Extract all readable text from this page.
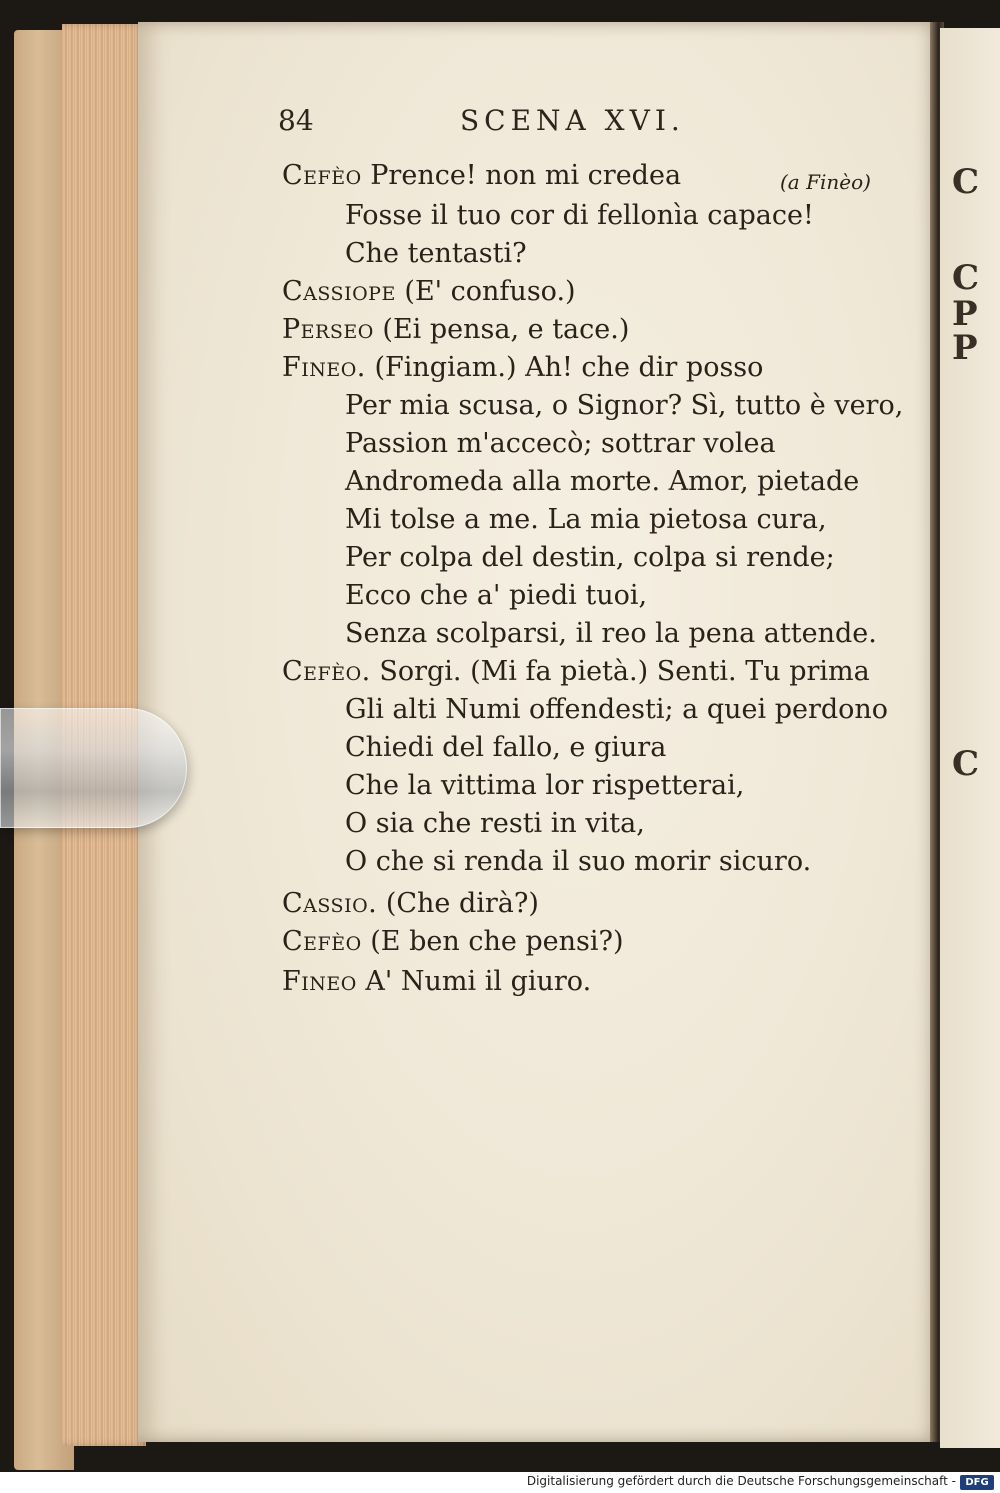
C
C
P
P
C
84	SCENA XVI.
(a Finèo)
Cefèo Prence! non mi credea
Fosse il tuo cor di fellonìa capace!
Che tentasti?
Cassiope (E' confuso.)
Perseo (Ei pensa, e tace.)
Fineo. (Fingiam.) Ah! che dir posso
Per mia scusa, o Signor? Sì, tutto è vero,
Passion m'accecò; sottrar volea
Andromeda alla morte. Amor, pietade
Mi tolse a me. La mia pietosa cura,
Per colpa del destin, colpa si rende;
Ecco che a' piedi tuoi,
Senza scolparsi, il reo la pena attende.
Cefèo. Sorgi. (Mi fa pietà.) Senti. Tu prima
Gli alti Numi offendesti; a quei perdono
Chiedi del fallo, e giura
Che la vittima lor rispetterai,
O sia che resti in vita,
O che si renda il suo morir sicuro.
Cassio. (Che dirà?)
Cefèo (E ben che pensi?)
Fineo A' Numi il giuro.
Digitalisierung gefördert durch die Deutsche Forschungsgemeinschaft - DFG
